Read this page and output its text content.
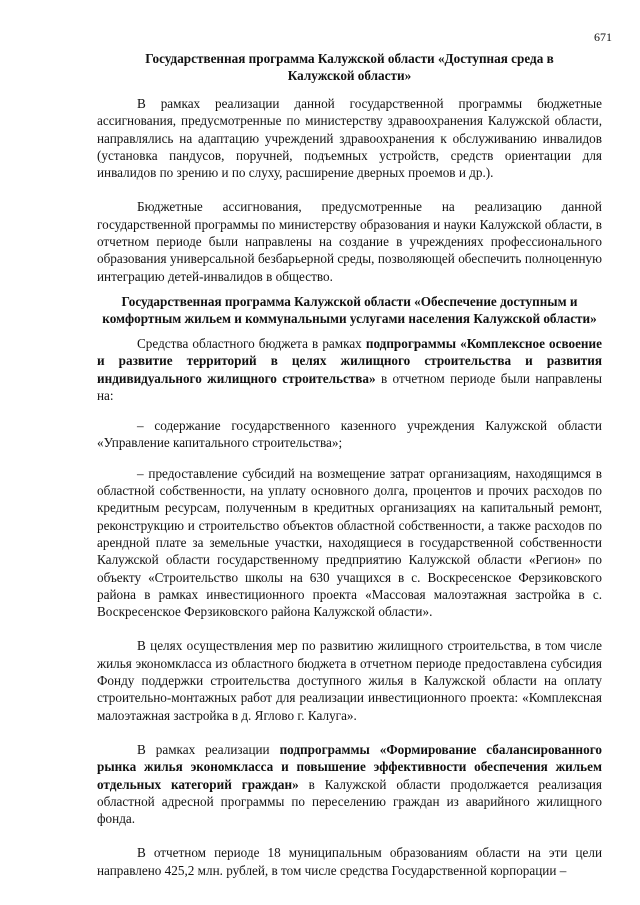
671
Государственная программа Калужской области «Доступная среда в Калужской области»

В рамках реализации данной государственной программы бюджетные ассигнования, предусмотренные по министерству здравоохранения Калужской области, направлялись на адаптацию учреждений здравоохранения к обслуживанию инвалидов (установка пандусов, поручней, подъемных устройств, средств ориентации для инвалидов по зрению и по слуху, расширение дверных проемов и др.).

Бюджетные ассигнования, предусмотренные на реализацию данной государственной программы по министерству образования и науки Калужской области, в отчетном периоде были направлены на создание в учреждениях профессионального образования универсальной безбарьерной среды, позволяющей обеспечить полноценную интеграцию детей-инвалидов в общество.

Государственная программа Калужской области «Обеспечение доступным и комфортным жильем и коммунальными услугами населения Калужской области»

Средства областного бюджета в рамках подпрограммы «Комплексное освоение и развитие территорий в целях жилищного строительства и развития индивидуального жилищного строительства» в отчетном периоде были направлены на:

– содержание государственного казенного учреждения Калужской области «Управление капитального строительства»;

– предоставление субсидий на возмещение затрат организациям, находящимся в областной собственности, на уплату основного долга, процентов и прочих расходов по кредитным ресурсам, полученным в кредитных организациях на капитальный ремонт, реконструкцию и строительство объектов областной собственности, а также расходов по арендной плате за земельные участки, находящиеся в государственной собственности Калужской области государственному предприятию Калужской области «Регион» по объекту «Строительство школы на 630 учащихся в с. Воскресенское Ферзиковского района в рамках инвестиционного проекта «Массовая малоэтажная застройка в с. Воскресенское Ферзиковского района Калужской области».

В целях осуществления мер по развитию жилищного строительства, в том числе жилья экономкласса из областного бюджета в отчетном периоде предоставлена субсидия Фонду поддержки строительства доступного жилья в Калужской области на оплату строительно-монтажных работ для реализации инвестиционного проекта: «Комплексная малоэтажная застройка в д. Яглово г. Калуга».

В рамках реализации подпрограммы «Формирование сбалансированного рынка жилья экономкласса и повышение эффективности обеспечения жильем отдельных категорий граждан» в Калужской области продолжается реализация областной адресной программы по переселению граждан из аварийного жилищного фонда.

В отчетном периоде 18 муниципальным образованиям области на эти цели направлено 425,2 млн. рублей, в том числе средства Государственной корпорации –
